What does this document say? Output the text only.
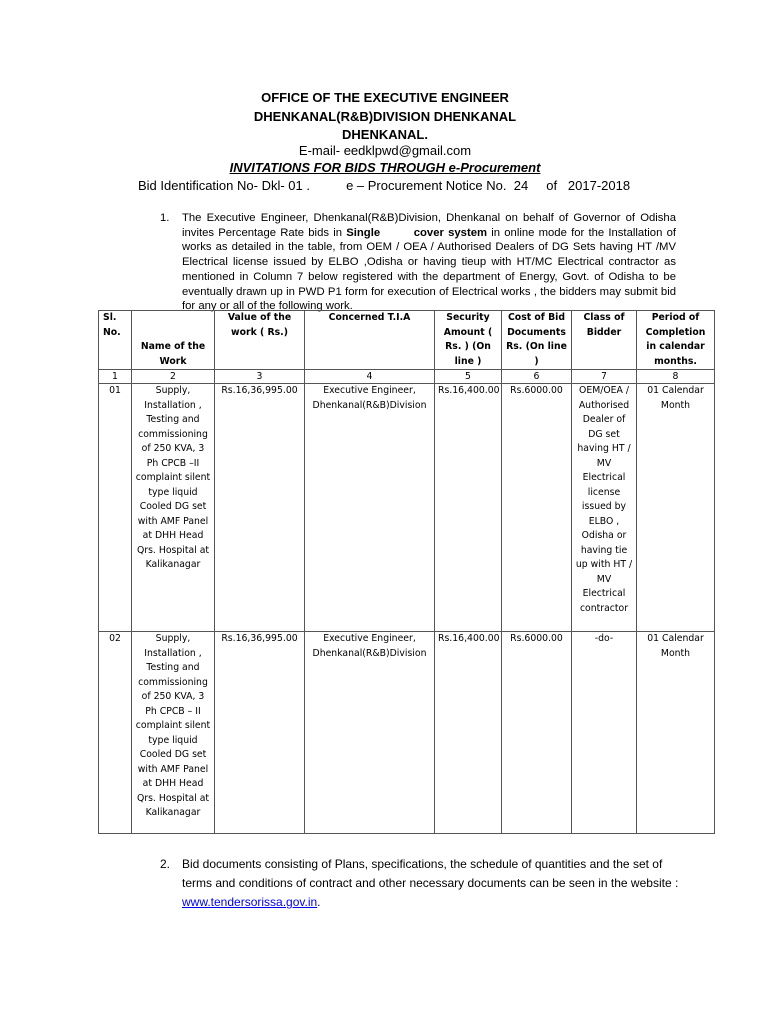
OFFICE OF THE EXECUTIVE ENGINEER
DHENKANAL(R&B)DIVISION DHENKANAL
DHENKANAL.
E-mail- eedklpwd@gmail.com
INVITATIONS FOR BIDS THROUGH e-Procurement
Bid Identification No- Dkl- 01 .          e – Procurement Notice No.  24     of   2017-2018
1. The Executive Engineer, Dhenkanal(R&B)Division, Dhenkanal on behalf of Governor of Odisha invites Percentage Rate bids in Single        cover system in online mode for the Installation of works as detailed in the table, from OEM / OEA / Authorised Dealers of DG Sets having HT /MV Electrical license issued by ELBO ,Odisha or having tieup with HT/MC Electrical contractor as mentioned in Column 7 below registered with the department of Energy, Govt. of Odisha to be eventually drawn up in PWD P1 form for execution of Electrical works , the bidders may submit bid for any or all of the following work.
Sl. No.	Name of the Work	Value of the work ( Rs.)	Concerned T.I.A	Security Amount ( Rs. ) (On line )	Cost of Bid Documents Rs. (On line )	Class of Bidder	Period of Completion in calendar months.
1	2	3	4	5	6	7	8
01	Supply, Installation , Testing and commissioning of 250 KVA, 3 Ph CPCB –II complaint silent type liquid Cooled DG set with AMF Panel at DHH Head Qrs. Hospital at Kalikanagar	Rs.16,36,995.00	Executive Engineer, Dhenkanal(R&B)Division	Rs.16,400.00	Rs.6000.00	OEM/OEA / Authorised Dealer of DG set having HT / MV Electrical license issued by ELBO , Odisha or having tie up with HT / MV Electrical contractor	01 Calendar Month
02	Supply, Installation , Testing and commissioning of 250 KVA, 3 Ph CPCB – II complaint silent type liquid Cooled DG set with AMF Panel at DHH Head Qrs. Hospital at Kalikanagar	Rs.16,36,995.00	Executive Engineer, Dhenkanal(R&B)Division	Rs.16,400.00	Rs.6000.00	-do-	01 Calendar Month
2. Bid documents consisting of Plans, specifications, the schedule of quantities and the set of terms and conditions of contract and other necessary documents can be seen in the website : www.tendersorissa.gov.in.
